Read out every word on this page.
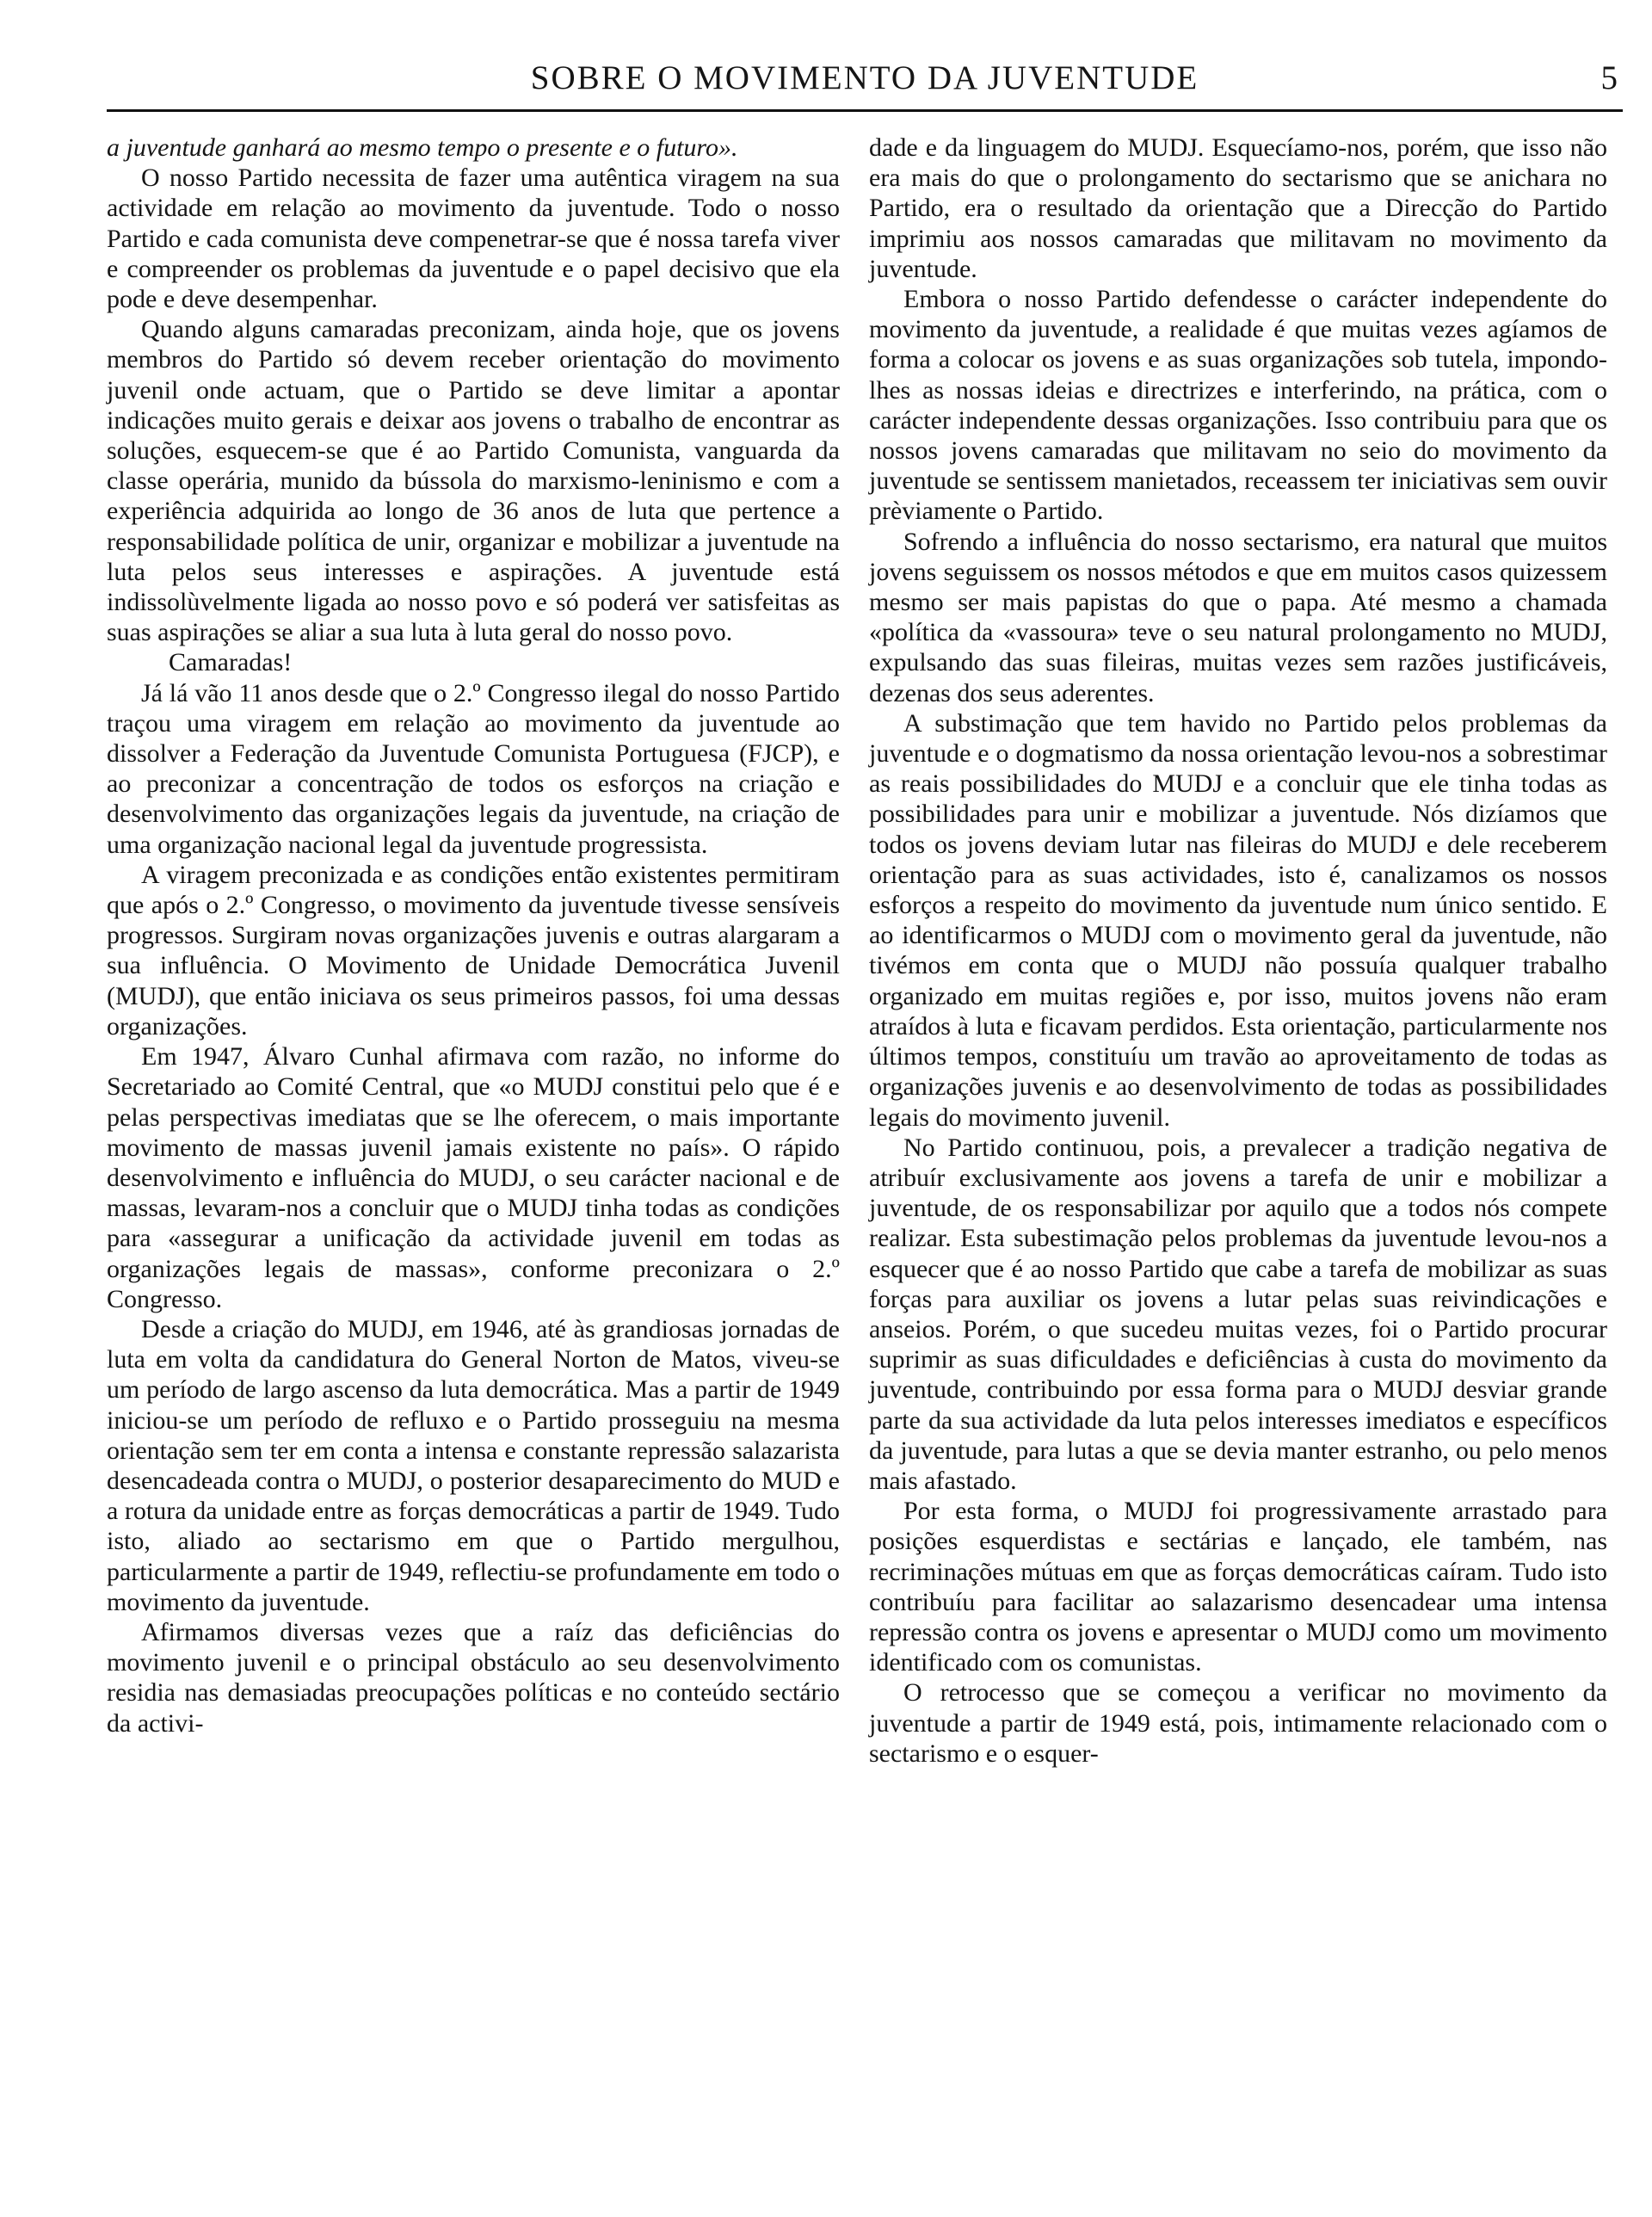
SOBRE O MOVIMENTO DA JUVENTUDE	5

a juventude ganhará ao mesmo tempo o presente e o futuro».

O nosso Partido necessita de fazer uma autêntica viragem na sua actividade em relação ao movimento da juventude. Todo o nosso Partido e cada comunista deve compenetrar-se que é nossa tarefa viver e compreender os problemas da juventude e o papel decisivo que ela pode e deve desempenhar.

Quando alguns camaradas preconizam, ainda hoje, que os jovens membros do Partido só devem receber orientação do movimento juvenil onde actuam, que o Partido se deve limitar a apontar indicações muito gerais e deixar aos jovens o trabalho de encontrar as soluções, esquecem-se que é ao Partido Comunista, vanguarda da classe operária, munido da bússola do marxismo-leninismo e com a experiência adquirida ao longo de 36 anos de luta que pertence a responsabilidade política de unir, organizar e mobilizar a juventude na luta pelos seus interesses e aspirações. A juventude está indissolùvelmente ligada ao nosso povo e só poderá ver satisfeitas as suas aspirações se aliar a sua luta à luta geral do nosso povo.

Camaradas!

Já lá vão 11 anos desde que o 2.º Congresso ilegal do nosso Partido traçou uma viragem em relação ao movimento da juventude ao dissolver a Federação da Juventude Comunista Portuguesa (FJCP), e ao preconizar a concentração de todos os esforços na criação e desenvolvimento das organizações legais da juventude, na criação de uma organização nacional legal da juventude progressista.

A viragem preconizada e as condições então existentes permitiram que após o 2.º Congresso, o movimento da juventude tivesse sensíveis progressos. Surgiram novas organizações juvenis e outras alargaram a sua influência. O Movimento de Unidade Democrática Juvenil (MUDJ), que então iniciava os seus primeiros passos, foi uma dessas organizações.

Em 1947, Álvaro Cunhal afirmava com razão, no informe do Secretariado ao Comité Central, que «o MUDJ constitui pelo que é e pelas perspectivas imediatas que se lhe oferecem, o mais importante movimento de massas juvenil jamais existente no país». O rápido desenvolvimento e influência do MUDJ, o seu carácter nacional e de massas, levaram-nos a concluir que o MUDJ tinha todas as condições para «assegurar a unificação da actividade juvenil em todas as organizações legais de massas», conforme preconizara o 2.º Congresso.

Desde a criação do MUDJ, em 1946, até às grandiosas jornadas de luta em volta da candidatura do General Norton de Matos, viveu-se um período de largo ascenso da luta democrática. Mas a partir de 1949 iniciou-se um período de refluxo e o Partido prosseguiu na mesma orientação sem ter em conta a intensa e constante repressão salazarista desencadeada contra o MUDJ, o posterior desaparecimento do MUD e a rotura da unidade entre as forças democráticas a partir de 1949. Tudo isto, aliado ao sectarismo em que o Partido mergulhou, particularmente a partir de 1949, reflectiu-se profundamente em todo o movimento da juventude.

Afirmamos diversas vezes que a raíz das deficiências do movimento juvenil e o principal obstáculo ao seu desenvolvimento residia nas demasiadas preocupações políticas e no conteúdo sectário da activi-

dade e da linguagem do MUDJ. Esquecíamo-nos, porém, que isso não era mais do que o prolongamento do sectarismo que se anichara no Partido, era o resultado da orientação que a Direcção do Partido imprimiu aos nossos camaradas que militavam no movimento da juventude.

Embora o nosso Partido defendesse o carácter independente do movimento da juventude, a realidade é que muitas vezes agíamos de forma a colocar os jovens e as suas organizações sob tutela, impondo-lhes as nossas ideias e directrizes e interferindo, na prática, com o carácter independente dessas organizações. Isso contribuiu para que os nossos jovens camaradas que militavam no seio do movimento da juventude se sentissem manietados, receassem ter iniciativas sem ouvir prèviamente o Partido.

Sofrendo a influência do nosso sectarismo, era natural que muitos jovens seguissem os nossos métodos e que em muitos casos quizessem mesmo ser mais papistas do que o papa. Até mesmo a chamada «política da «vassoura» teve o seu natural prolongamento no MUDJ, expulsando das suas fileiras, muitas vezes sem razões justificáveis, dezenas dos seus aderentes.

A substimação que tem havido no Partido pelos problemas da juventude e o dogmatismo da nossa orientação levou-nos a sobrestimar as reais possibilidades do MUDJ e a concluir que ele tinha todas as possibilidades para unir e mobilizar a juventude. Nós dizíamos que todos os jovens deviam lutar nas fileiras do MUDJ e dele receberem orientação para as suas actividades, isto é, canalizamos os nossos esforços a respeito do movimento da juventude num único sentido. E ao identificarmos o MUDJ com o movimento geral da juventude, não tivémos em conta que o MUDJ não possuía qualquer trabalho organizado em muitas regiões e, por isso, muitos jovens não eram atraídos à luta e ficavam perdidos. Esta orientação, particularmente nos últimos tempos, constituíu um travão ao aproveitamento de todas as organizações juvenis e ao desenvolvimento de todas as possibilidades legais do movimento juvenil.

No Partido continuou, pois, a prevalecer a tradição negativa de atribuír exclusivamente aos jovens a tarefa de unir e mobilizar a juventude, de os responsabilizar por aquilo que a todos nós compete realizar. Esta subestimação pelos problemas da juventude levou-nos a esquecer que é ao nosso Partido que cabe a tarefa de mobilizar as suas forças para auxiliar os jovens a lutar pelas suas reivindicações e anseios. Porém, o que sucedeu muitas vezes, foi o Partido procurar suprimir as suas dificuldades e deficiências à custa do movimento da juventude, contribuindo por essa forma para o MUDJ desviar grande parte da sua actividade da luta pelos interesses imediatos e específicos da juventude, para lutas a que se devia manter estranho, ou pelo menos mais afastado.

Por esta forma, o MUDJ foi progressivamente arrastado para posições esquerdistas e sectárias e lançado, ele também, nas recriminações mútuas em que as forças democráticas caíram. Tudo isto contribuíu para facilitar ao salazarismo desencadear uma intensa repressão contra os jovens e apresentar o MUDJ como um movimento identificado com os comunistas.

O retrocesso que se começou a verificar no movimento da juventude a partir de 1949 está, pois, intimamente relacionado com o sectarismo e o esquer-
